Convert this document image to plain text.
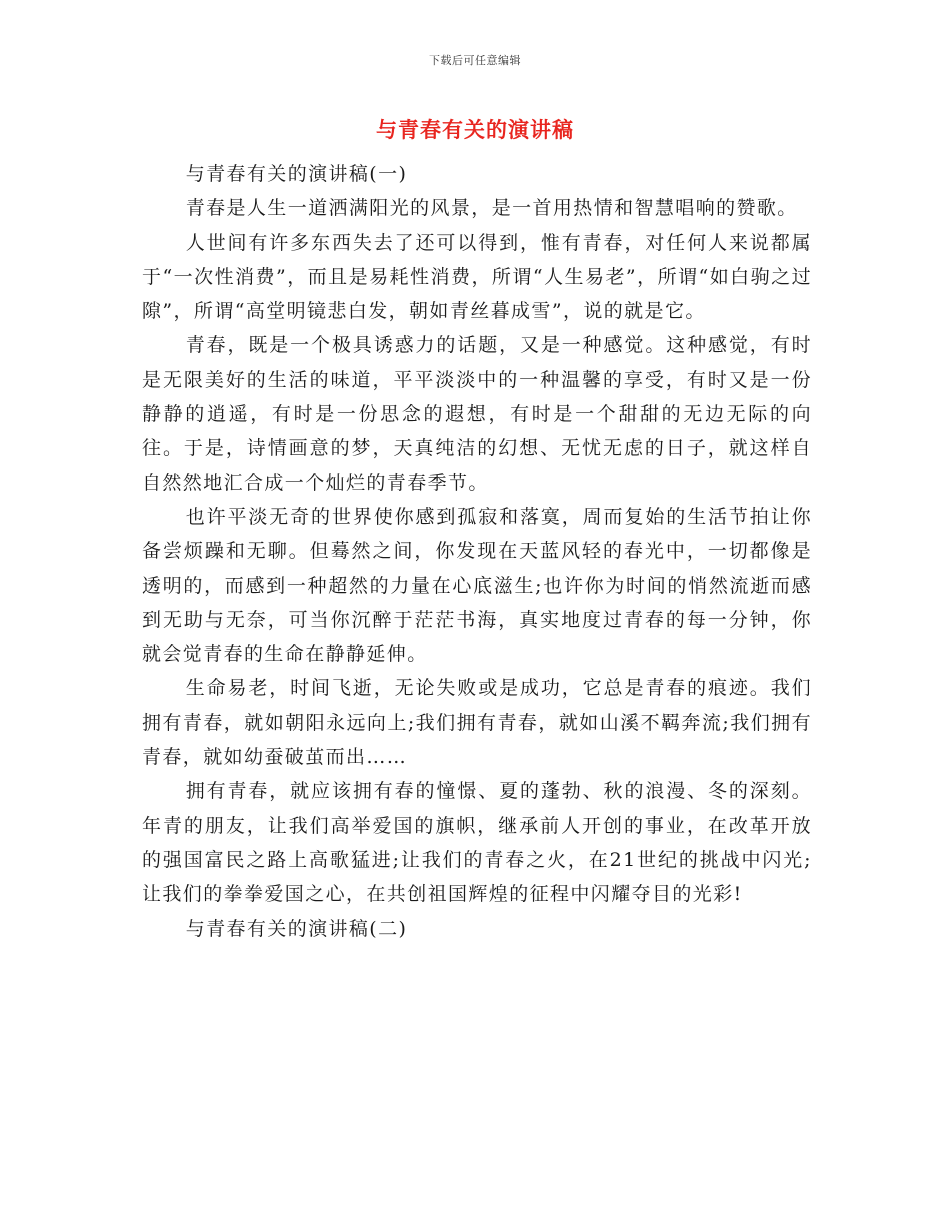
下载后可任意编辑
与青春有关的演讲稿

与青春有关的演讲稿(一)

青春是人生一道洒满阳光的风景，是一首用热情和智慧唱响的赞歌。

人世间有许多东西失去了还可以得到，惟有青春，对任何人来说都属于“一次性消费”，而且是易耗性消费，所谓“人生易老”，所谓“如白驹之过隙”，所谓“高堂明镜悲白发，朝如青丝暮成雪”，说的就是它。

青春，既是一个极具诱惑力的话题，又是一种感觉。这种感觉，有时是无限美好的生活的味道，平平淡淡中的一种温馨的享受，有时又是一份静静的逍遥，有时是一份思念的遐想，有时是一个甜甜的无边无际的向往。于是，诗情画意的梦，天真纯洁的幻想、无忧无虑的日子，就这样自自然然地汇合成一个灿烂的青春季节。

也许平淡无奇的世界使你感到孤寂和落寞，周而复始的生活节拍让你备尝烦躁和无聊。但蓦然之间，你发现在天蓝风轻的春光中，一切都像是透明的，而感到一种超然的力量在心底滋生;也许你为时间的悄然流逝而感到无助与无奈，可当你沉醉于茫茫书海，真实地度过青春的每一分钟，你就会觉青春的生命在静静延伸。

生命易老，时间飞逝，无论失败或是成功，它总是青春的痕迹。我们拥有青春，就如朝阳永远向上;我们拥有青春，就如山溪不羁奔流;我们拥有青春，就如幼蚕破茧而出……

拥有青春，就应该拥有春的憧憬、夏的蓬勃、秋的浪漫、冬的深刻。年青的朋友，让我们高举爱国的旗帜，继承前人开创的事业，在改革开放的强国富民之路上高歌猛进;让我们的青春之火，在21世纪的挑战中闪光;让我们的拳拳爱国之心，在共创祖国辉煌的征程中闪耀夺目的光彩!

与青春有关的演讲稿(二)
